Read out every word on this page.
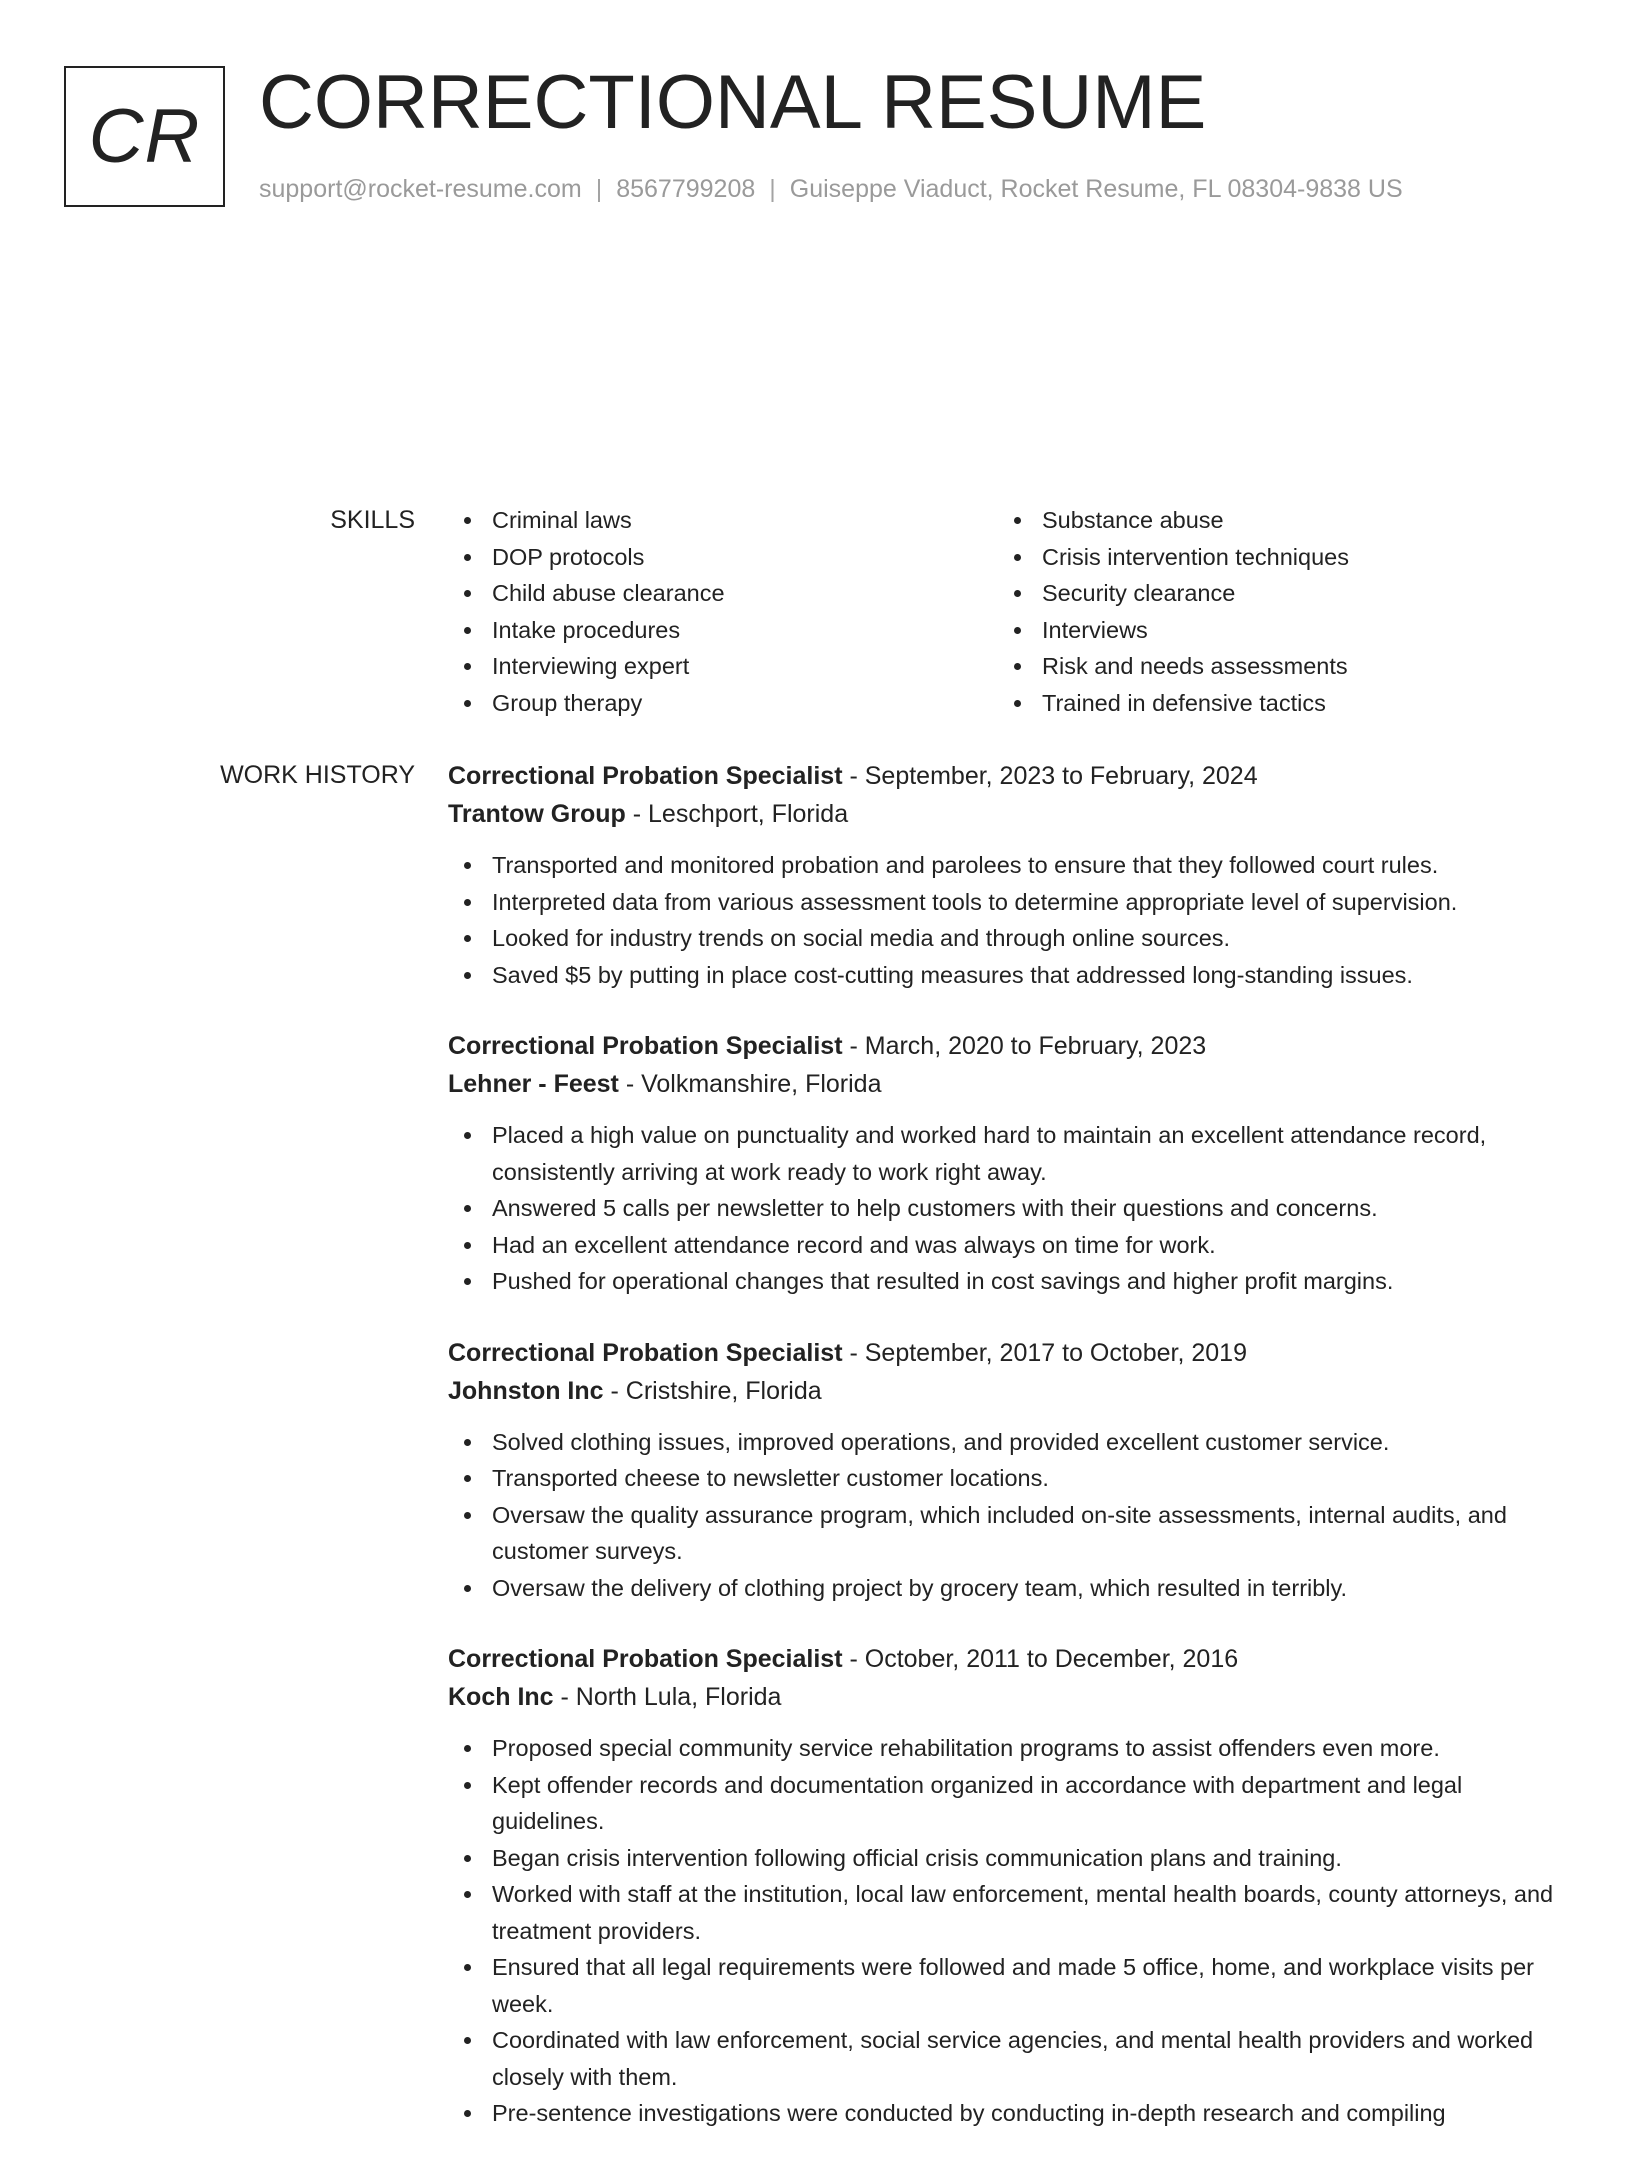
CR CORRECTIONAL RESUME
support@rocket-resume.com | 8567799208 | Guiseppe Viaduct, Rocket Resume, FL 08304-9838 US
SKILLS	Criminal laws
DOP protocols
Child abuse clearance
Intake procedures
Interviewing expert
Group therapy
Substance abuse
Crisis intervention techniques
Security clearance
Interviews
Risk and needs assessments
Trained in defensive tactics
WORK HISTORY Correctional Probation Specialist - September, 2023 to February, 2024
Trantow Group - Leschport, Florida
Transported and monitored probation and parolees to ensure that they followed court rules.
Interpreted data from various assessment tools to determine appropriate level of supervision.
Looked for industry trends on social media and through online sources.
Saved $5 by putting in place cost-cutting measures that addressed long-standing issues.
Correctional Probation Specialist - March, 2020 to February, 2023
Lehner - Feest - Volkmanshire, Florida
Placed a high value on punctuality and worked hard to maintain an excellent attendance record, consistently arriving at work ready to work right away.
Answered 5 calls per newsletter to help customers with their questions and concerns.
Had an excellent attendance record and was always on time for work.
Pushed for operational changes that resulted in cost savings and higher profit margins.
Correctional Probation Specialist - September, 2017 to October, 2019
Johnston Inc - Cristshire, Florida
Solved clothing issues, improved operations, and provided excellent customer service.
Transported cheese to newsletter customer locations.
Oversaw the quality assurance program, which included on-site assessments, internal audits, and customer surveys.
Oversaw the delivery of clothing project by grocery team, which resulted in terribly.
Correctional Probation Specialist - October, 2011 to December, 2016
Koch Inc - North Lula, Florida
Proposed special community service rehabilitation programs to assist offenders even more.
Kept offender records and documentation organized in accordance with department and legal guidelines.
Began crisis intervention following official crisis communication plans and training.
Worked with staff at the institution, local law enforcement, mental health boards, county attorneys, and treatment providers.
Ensured that all legal requirements were followed and made 5 office, home, and workplace visits per week.
Coordinated with law enforcement, social service agencies, and mental health providers and worked closely with them.
Pre-sentence investigations were conducted by conducting in-depth research and compiling
